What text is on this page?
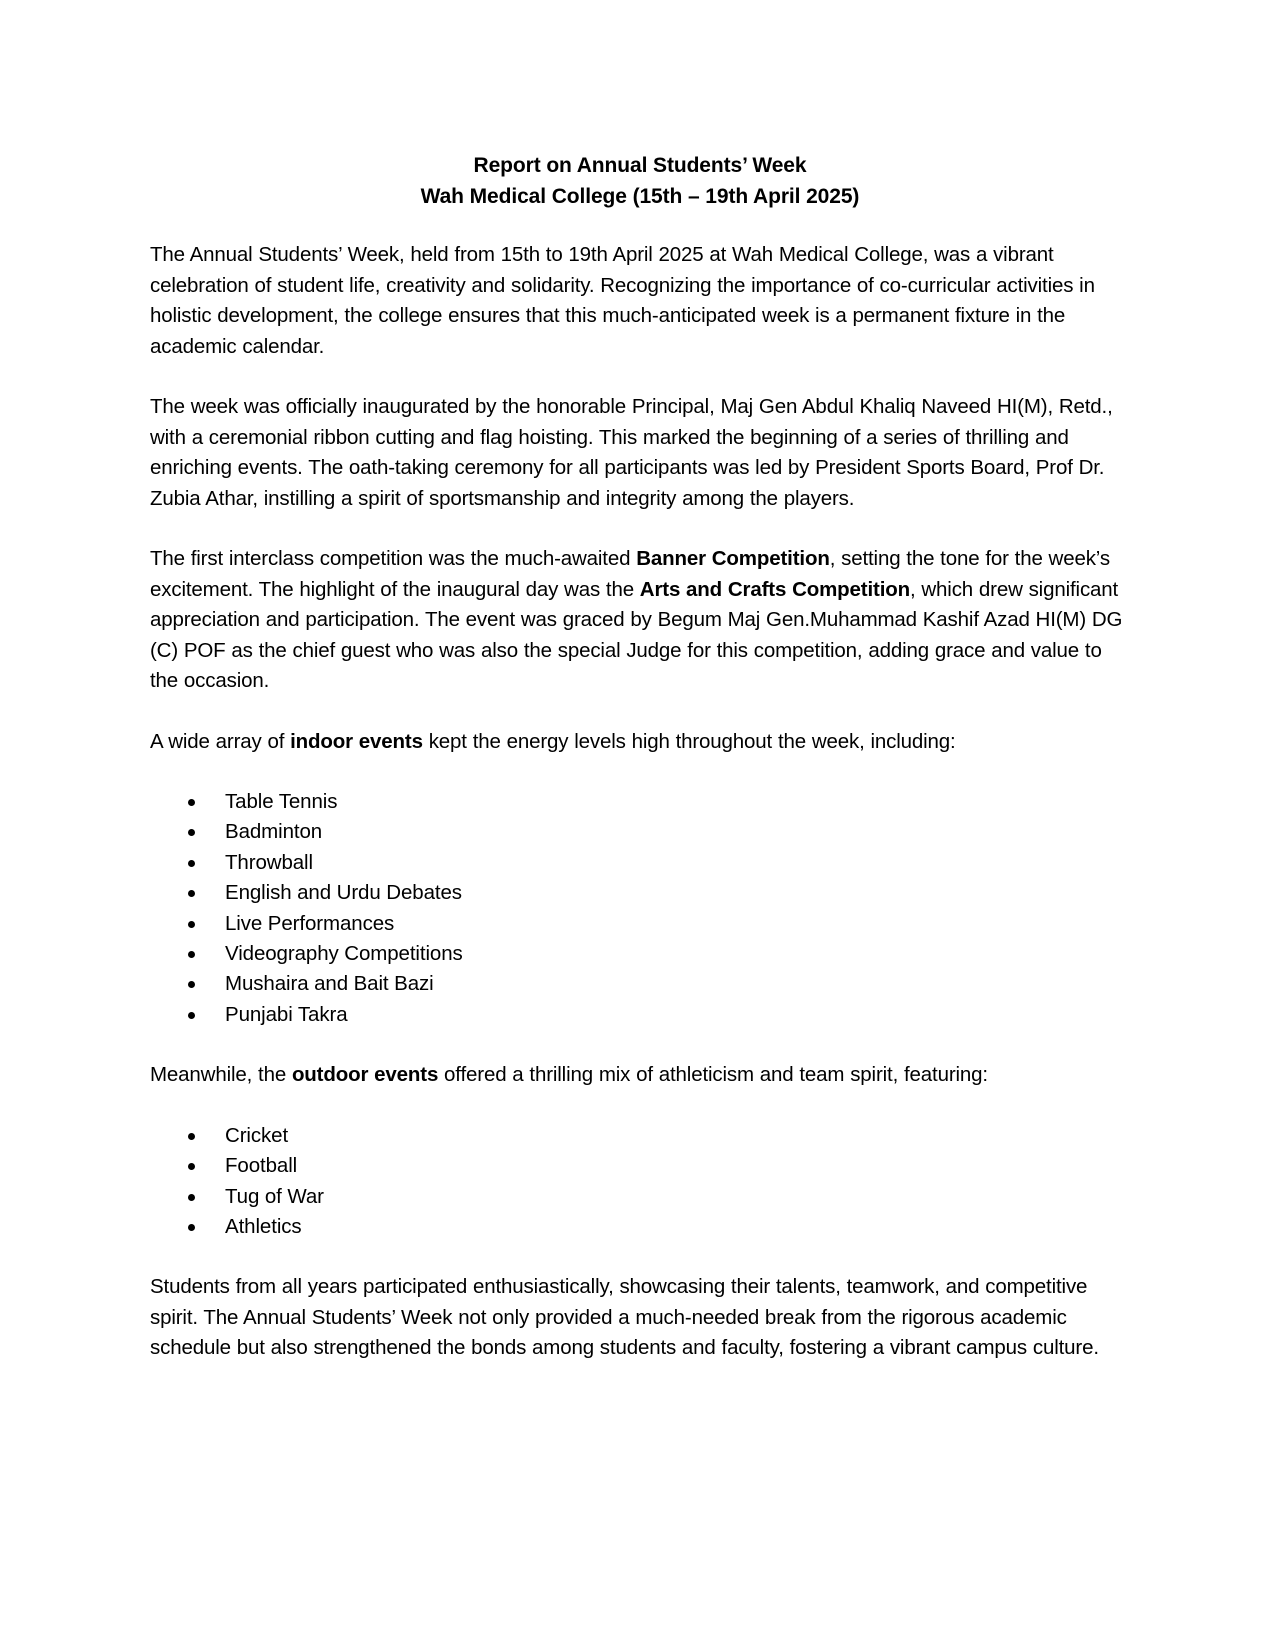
Report on Annual Students’ Week
Wah Medical College (15th – 19th April 2025)

The Annual Students’ Week, held from 15th to 19th April 2025 at Wah Medical College, was a vibrant celebration of student life, creativity and solidarity. Recognizing the importance of co-curricular activities in holistic development, the college ensures that this much-anticipated week is a permanent fixture in the academic calendar.

The week was officially inaugurated by the honorable Principal, Maj Gen Abdul Khaliq Naveed HI(M), Retd., with a ceremonial ribbon cutting and flag hoisting. This marked the beginning of a series of thrilling and enriching events. The oath-taking ceremony for all participants was led by President Sports Board, Prof Dr. Zubia Athar, instilling a spirit of sportsmanship and integrity among the players.

The first interclass competition was the much-awaited Banner Competition, setting the tone for the week’s excitement. The highlight of the inaugural day was the Arts and Crafts Competition, which drew significant appreciation and participation. The event was graced by Begum Maj Gen.Muhammad Kashif Azad HI(M) DG (C) POF as the chief guest who was also the special Judge for this competition, adding grace and value to the occasion.

A wide array of indoor events kept the energy levels high throughout the week, including:

Table Tennis
Badminton
Throwball
English and Urdu Debates
Live Performances
Videography Competitions
Mushaira and Bait Bazi
Punjabi Takra

Meanwhile, the outdoor events offered a thrilling mix of athleticism and team spirit, featuring:

Cricket
Football
Tug of War
Athletics

Students from all years participated enthusiastically, showcasing their talents, teamwork, and competitive spirit. The Annual Students’ Week not only provided a much-needed break from the rigorous academic schedule but also strengthened the bonds among students and faculty, fostering a vibrant campus culture.
